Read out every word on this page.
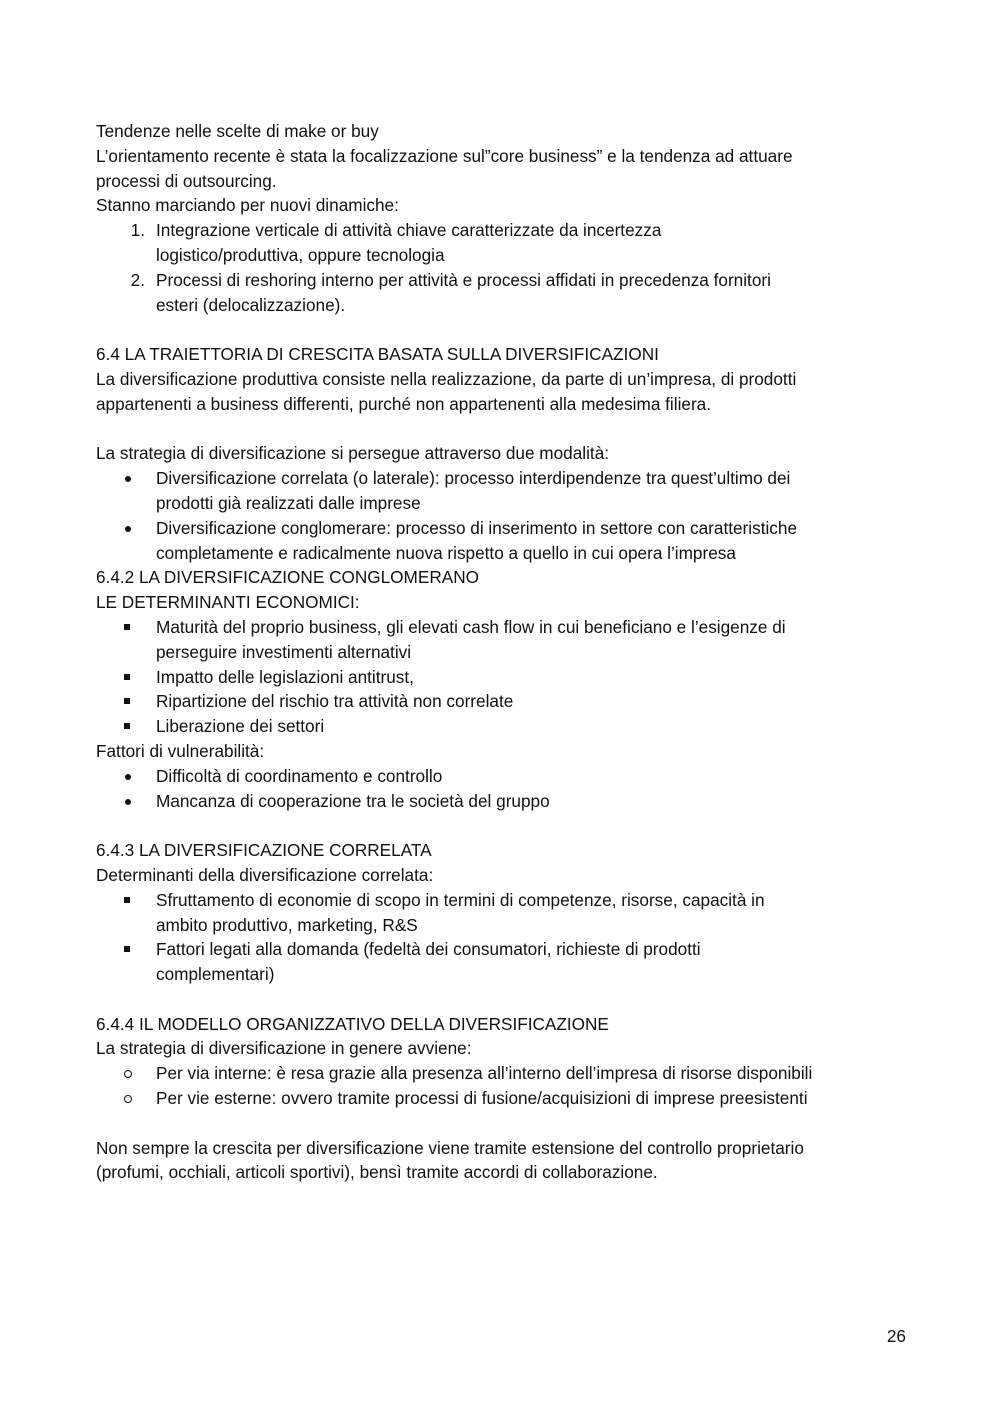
Tendenze nelle scelte di make or buy

L’orientamento recente è stata la focalizzazione sul”core business” e la tendenza ad attuare

processi di outsourcing.

Stanno marciando per nuovi dinamiche:

1. Integrazione verticale di attività chiave caratterizzate da incertezza
logistico/produttiva, oppure tecnologia
2. Processi di reshoring interno per attività e processi affidati in precedenza fornitori
esteri (delocalizzazione).

6.4 LA TRAIETTORIA DI CRESCITA BASATA SULLA DIVERSIFICAZIONI

La diversificazione produttiva consiste nella realizzazione, da parte di un’impresa, di prodotti

appartenenti a business differenti, purché non appartenenti alla medesima filiera.

La strategia di diversificazione si persegue attraverso due modalità:

Diversificazione correlata (o laterale): processo interdipendenze tra quest’ultimo dei
prodotti già realizzati dalle imprese
Diversificazione conglomerare: processo di inserimento in settore con caratteristiche
completamente e radicalmente nuova rispetto a quello in cui opera l’impresa

6.4.2 LA DIVERSIFICAZIONE CONGLOMERANO

LE DETERMINANTI ECONOMICI:

Maturità del proprio business, gli elevati cash flow in cui beneficiano e l’esigenze di
perseguire investimenti alternativi
Impatto delle legislazioni antitrust,
Ripartizione del rischio tra attività non correlate
Liberazione dei settori

Fattori di vulnerabilità:

Difficoltà di coordinamento e controllo
Mancanza di cooperazione tra le società del gruppo

6.4.3 LA DIVERSIFICAZIONE CORRELATA

Determinanti della diversificazione correlata:

Sfruttamento di economie di scopo in termini di competenze, risorse, capacità in
ambito produttivo, marketing, R&S
Fattori legati alla domanda (fedeltà dei consumatori, richieste di prodotti
complementari)

6.4.4 IL MODELLO ORGANIZZATIVO DELLA DIVERSIFICAZIONE

La strategia di diversificazione in genere avviene:

Per via interne: è resa grazie alla presenza all’interno dell’impresa di risorse disponibili
Per vie esterne: ovvero tramite processi di fusione/acquisizioni di imprese preesistenti

Non sempre la crescita per diversificazione viene tramite estensione del controllo proprietario

(profumi, occhiali, articoli sportivi), bensì tramite accordi di collaborazione.

26
